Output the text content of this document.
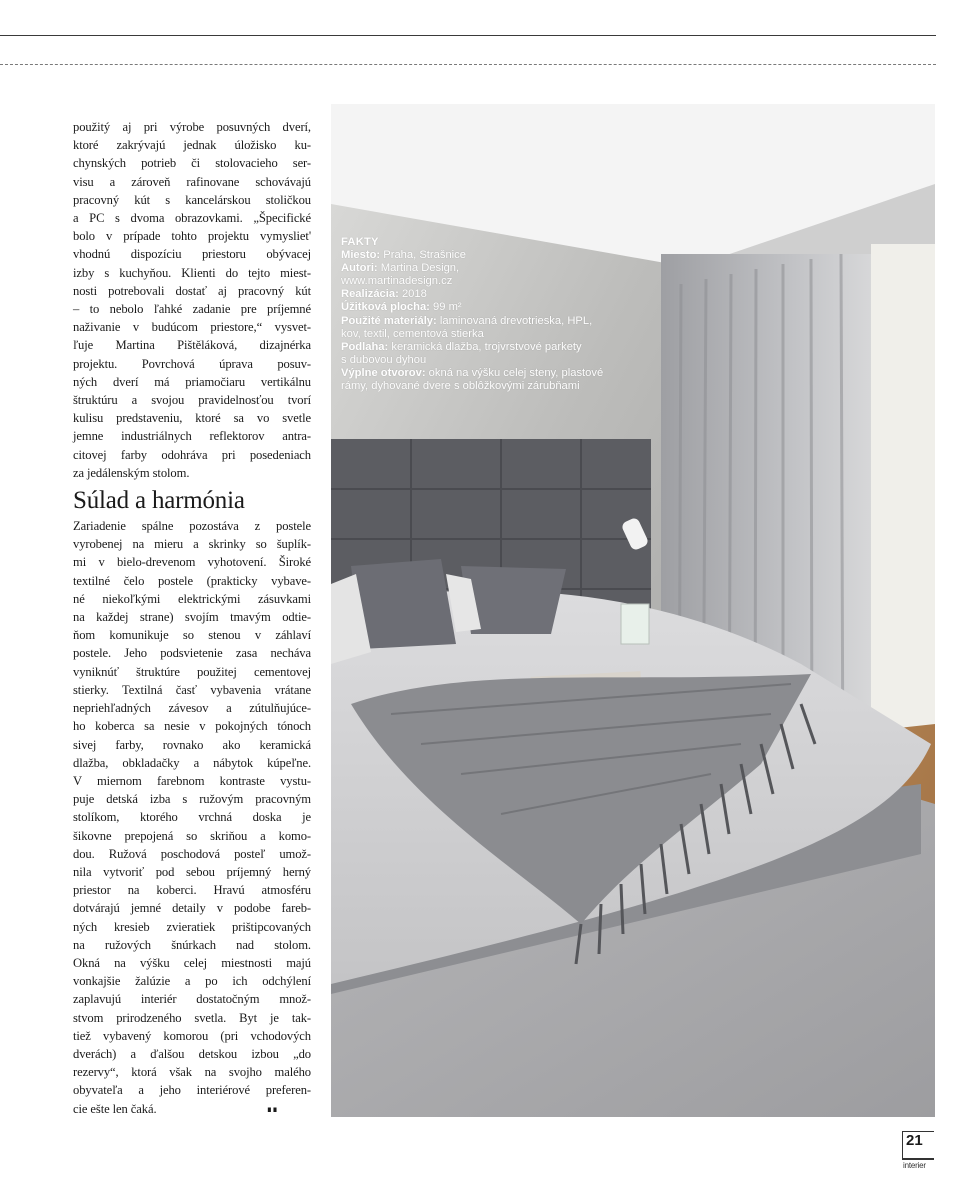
použitý aj pri výrobe posuvných dverí,

ktoré zakrývajú jednak úložisko ku-

chynských potrieb či stolovacieho ser-

visu a zároveň rafinovane schovávajú

pracovný kút s kancelárskou stoličkou

a PC s dvoma obrazovkami. „Špecifické

bolo v prípade tohto projektu vymysliet'

vhodnú dispozíciu priestoru obývacej

izby s kuchyňou. Klienti do tejto miest-

nosti potrebovali dostať aj pracovný kút

– to nebolo ľahké zadanie pre príjemné

naživanie v budúcom priestore,“ vysvet-

ľuje Martina Pištěláková, dizajnérka

projektu. Povrchová úprava posuv-

ných dverí má priamočiaru vertikálnu

štruktúru a svojou pravidelnosťou tvorí

kulisu predstaveniu, ktoré sa vo svetle

jemne industriálnych reflektorov antra-

citovej farby odohráva pri posedeniach

za jedálenským stolom.

Súlad a harmónia

Zariadenie spálne pozostáva z postele

vyrobenej na mieru a skrinky so šuplík-

mi v bielo-drevenom vyhotovení. Široké

textilné čelo postele (prakticky vybave-

né niekoľkými elektrickými zásuvkami

na každej strane) svojím tmavým odtie-

ňom komunikuje so stenou v záhlaví

postele. Jeho podsvietenie zasa necháva

vyniknúť štruktúre použitej cementovej

stierky. Textilná časť vybavenia vrátane

nepriehľadných závesov a zútulňujúce-

ho koberca sa nesie v pokojných tónoch

sivej farby, rovnako ako keramická

dlažba, obkladačky a nábytok kúpeľne.

V miernom farebnom kontraste vystu-

puje detská izba s ružovým pracovným

stolíkom, ktorého vrchná doska je

šikovne prepojená so skriňou a komo-

dou. Ružová poschodová posteľ umož-

nila vytvoriť pod sebou príjemný herný

priestor na koberci. Hravú atmosféru

dotvárajú jemné detaily v podobe fareb-

ných kresieb zvieratiek prištipcovaných

na ružových šnúrkach nad stolom.

Okná na výšku celej miestnosti majú

vonkajšie žalúzie a po ich odchýlení

zaplavujú interiér dostatočným množ-

stvom prirodzeného svetla. Byt je tak-

tiež vybavený komorou (pri vchodových

dverách) a ďalšou detskou izbou „do

rezervy“, ktorá však na svojho malého

obyvateľa a jeho interiérové preferen-

cie ešte len čaká.	∎∎

FAKTY
Miesto: Praha, Strašnice
Autori: Martina Design,
www.martinadesign.cz
Realizácia: 2018
Úžitková plocha: 99 m²
Použité materiály: laminovaná drevotrieska, HPL,
kov, textil, cementová stierka
Podlaha: keramická dlažba, trojvrstvové parkety
s dubovou dyhou
Výplne otvorov: okná na výšku celej steny, plastové
rámy, dyhované dvere s oblôžkovými zárubňami
21
interier
